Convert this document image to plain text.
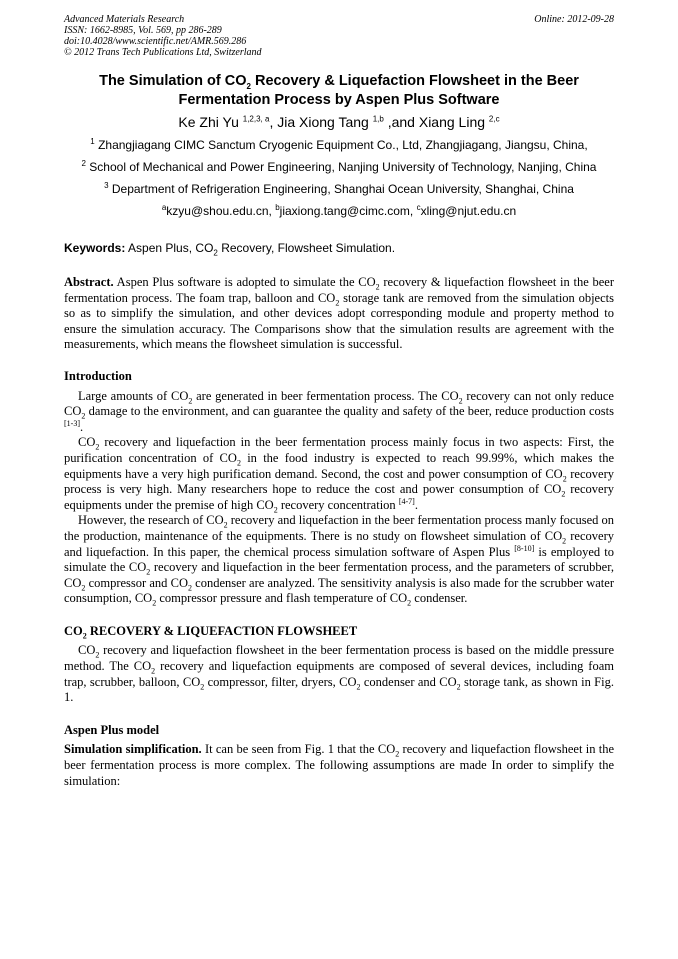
Advanced Materials Research
ISSN: 1662-8985, Vol. 569, pp 286-289
doi:10.4028/www.scientific.net/AMR.569.286
© 2012 Trans Tech Publications Ltd, Switzerland
Online: 2012-09-28
The Simulation of $CO_2$ Recovery & Liquefaction Flowsheet in the Beer
Fermentation Process by Aspen Plus Software
Ke Zhi Yu $^{1,2,3, a}$, Jia Xiong Tang $^{1,b}$ ,and Xiang Ling $^{2,c}$
$^1$ Zhangjiagang CIMC Sanctum Cryogenic Equipment Co., Ltd, Zhangjiagang, Jiangsu, China,
$^2$ School of Mechanical and Power Engineering, Nanjing University of Technology, Nanjing, China
$^3$ Department of Refrigeration Engineering, Shanghai Ocean University, Shanghai, China
$^a$kzyu@shou.edu.cn, $^b$jiaxiong.tang@cimc.com, $^c$xling@njut.edu.cn
Keywords: Aspen Plus, $CO_2$ Recovery, Flowsheet Simulation.
Abstract. Aspen Plus software is adopted to simulate the $CO_2$ recovery & liquefaction flowsheet in the beer fermentation process. The foam trap, balloon and $CO_2$ storage tank are removed from the simulation objects so as to simplify the simulation, and other devices adopt corresponding module and property method to ensure the simulation accuracy. The Comparisons show that the simulation results are agreement with the measurements, which means the flowsheet simulation is successful.
Introduction
Large amounts of $CO_2$ are generated in beer fermentation process. The $CO_2$ recovery can not only reduce $CO_2$ damage to the environment, and can guarantee the quality and safety of the beer, reduce production costs [1-3].
$CO_2$ recovery and liquefaction in the beer fermentation process mainly focus in two aspects: First, the purification concentration of $CO_2$ in the food industry is expected to reach 99.99%, which makes the equipments have a very high purification demand. Second, the cost and power consumption of $CO_2$ recovery process is very high. Many researchers hope to reduce the cost and power consumption of $CO_2$ recovery equipments under the premise of high $CO_2$ recovery concentration [4-7].
However, the research of $CO_2$ recovery and liquefaction in the beer fermentation process manly focused on the production, maintenance of the equipments. There is no study on flowsheet simulation of $CO_2$ recovery and liquefaction. In this paper, the chemical process simulation software of Aspen Plus [8-10] is employed to simulate the $CO_2$ recovery and liquefaction in the beer fermentation process, and the parameters of scrubber, $CO_2$ compressor and $CO_2$ condenser are analyzed. The sensitivity analysis is also made for the scrubber water consumption, $CO_2$ compressor pressure and flash temperature of $CO_2$ condenser.
$CO_2$ RECOVERY & LIQUEFACTION FLOWSHEET
$CO_2$ recovery and liquefaction flowsheet in the beer fermentation process is based on the middle pressure method. The $CO_2$ recovery and liquefaction equipments are composed of several devices, including foam trap, scrubber, balloon, $CO_2$ compressor, filter, dryers, $CO_2$ condenser and $CO_2$ storage tank, as shown in Fig. 1.
Aspen Plus model
Simulation simplification. It can be seen from Fig. 1 that the $CO_2$ recovery and liquefaction flowsheet in the beer fermentation process is more complex. The following assumptions are made In order to simplify the simulation:
